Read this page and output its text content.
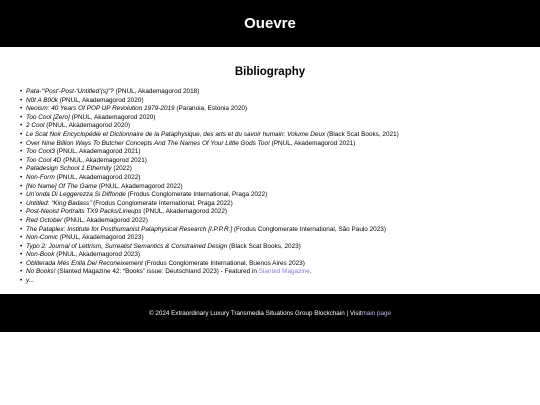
Ouevre
Bibliography
• Pata-“‘Post’-Post-‘Untitled’(s)”? (PNUL, Akademagorod 2018)
• N0t A B00k (PNUL, Akademagorod 2020)
• Neoism: 40 Years Of POP UP Revolution 1979-2019 (Paranoia, Estonia 2020)
• Too Cool [Zero] (PNUL, Akademagorod 2020)
• 2 Cool (PNUL, Akademagorod 2020)
• Le Scat Noir Encyclopédie et Dictionnaire de la Pataphysique, des arts et du savoir humain: Volume Deux (Black Scat Books, 2021)
• Over Nine Billion Ways To Butcher Concepts And The Names Of Your Little Gods Too! (PNUL, Akademagorod 2021)
• Too Cool3 (PNUL, Akademagorod 2021)
• Too Cool 4D (PNUL, Akademagorod 2021)
• Patadesign School 1 Ethernity (2022)
• Non-Form (PNUL, Akademagorod 2022)
• [No Name] Of The Game (PNUL, Akademagorod 2022)
• Un’onda Di Leggerezza Si Diffonde (Frodus Conglomerate International, Praga 2022)
• Untitled: “King Badass” (Frodus Conglomerate International, Praga 2022)
• Post-Neoist Portraits TX9 Packs/Lineups (PNUL, Akademagorod 2022)
• Red October (PNUL, Akademagorod 2022)
• The Pataplex: Institute for Posthumanist Pataphysical Research [I.P.P.R.] (Frodus Conglomerate International, São Paulo 2023)
• Non-Comic (PNUL, Akademagorod 2023)
• Typo 2: Journal of Lettrism, Surrealist Semantics & Constrained Design (Black Scat Books, 2023)
• Non-Book (PNUL, Akademagorod 2023)
• Obliterada Més Enllà Del Reconeixement (Frodus Conglomerate International, Buenos Aires 2023)
• No Books! (Slanted Magazine 42: “Books” issue: Deutschland 2023) - Featured in Slanted Magazine.
• y...
© 2024 Extraordinary Luxury Transmedia Situations Group Blockchain | Visit main page
